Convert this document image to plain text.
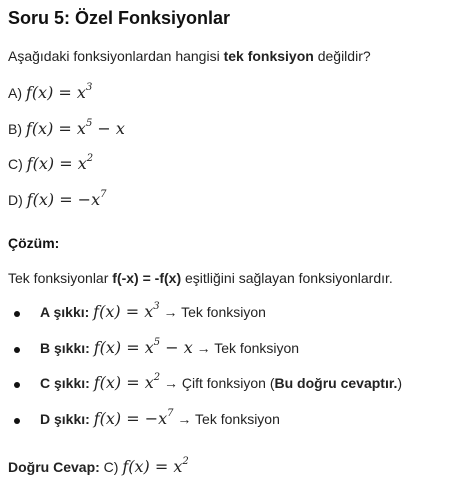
Soru 5: Özel Fonksiyonlar
Aşağıdaki fonksiyonlardan hangisi tek fonksiyon değildir?
A) $f(x) = x^3$
B) $f(x) = x^5 - x$
C) $f(x) = x^2$
D) $f(x) = -x^7$
Çözüm:
Tek fonksiyonlar f(-x) = -f(x) eşitliğini sağlayan fonksiyonlardır.
A şıkkı: $f(x) = x^3$ → Tek fonksiyon
B şıkkı: $f(x) = x^5 - x$ → Tek fonksiyon
C şıkkı: $f(x) = x^2$ → Çift fonksiyon (Bu doğru cevaptır.)
D şıkkı: $f(x) = -x^7$ → Tek fonksiyon
Doğru Cevap: C) $f(x) = x^2$
